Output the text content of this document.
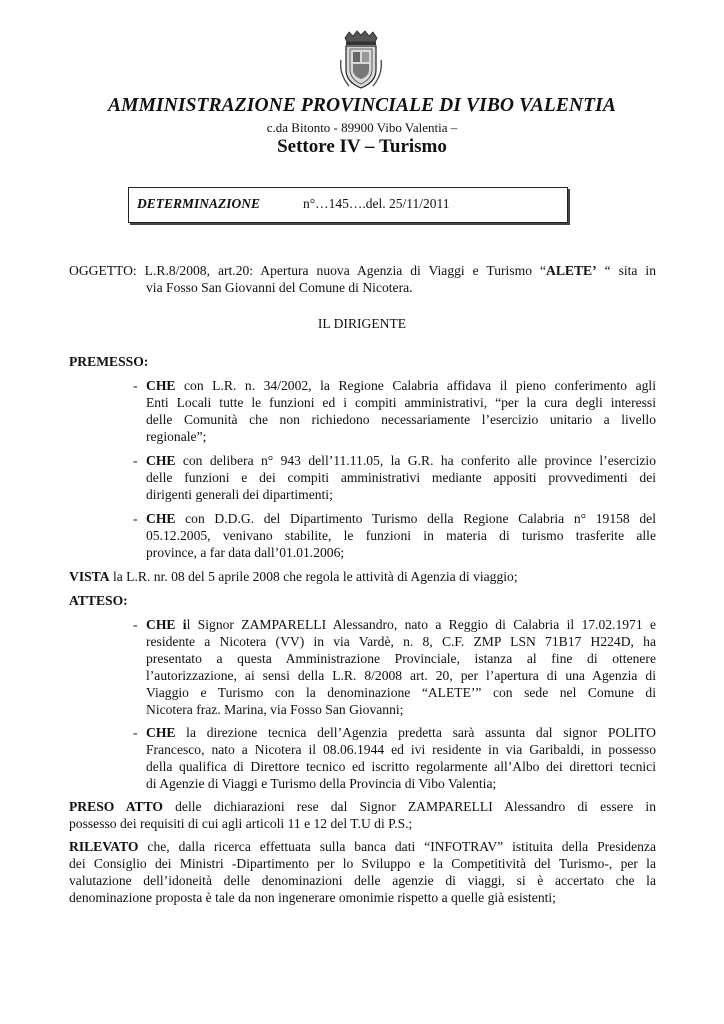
AMMINISTRAZIONE PROVINCIALE DI VIBO VALENTIA
c.da Bitonto - 89900 Vibo Valentia –
Settore IV – Turismo
DETERMINAZIONE	n°…145….del. 25/11/2011
OGGETTO: L.R.8/2008, art.20: Apertura nuova Agenzia di Viaggi e Turismo “ALETE’ “ sita in
via Fosso San Giovanni del Comune di Nicotera.
IL DIRIGENTE
PREMESSO:
- CHE con L.R. n. 34/2002, la Regione Calabria affidava il pieno conferimento agli
Enti Locali tutte le funzioni ed i compiti amministrativi, “per la cura degli interessi
delle Comunità che non richiedono necessariamente l’esercizio unitario a livello
regionale”;
- CHE con delibera n° 943 dell’11.11.05, la G.R. ha conferito alle province l’esercizio
delle funzioni e dei compiti amministrativi mediante appositi provvedimenti dei
dirigenti generali dei dipartimenti;
- CHE con D.D.G. del Dipartimento Turismo della Regione Calabria n° 19158 del
05.12.2005, venivano stabilite, le funzioni in materia di turismo trasferite alle
province, a far data dall’01.01.2006;
VISTA la L.R. nr. 08 del 5 aprile 2008 che regola le attività di Agenzia di viaggio;
ATTESO:
- CHE il Signor ZAMPARELLI Alessandro, nato a Reggio di Calabria il 17.02.1971 e
residente a Nicotera (VV) in via Vardè, n. 8, C.F. ZMP LSN 71B17 H224D, ha
presentato a questa Amministrazione Provinciale, istanza al fine di ottenere
l’autorizzazione, ai sensi della L.R. 8/2008 art. 20, per l’apertura di una Agenzia di
Viaggio e Turismo con la denominazione “ALETE’” con sede nel Comune di
Nicotera fraz. Marina, via Fosso San Giovanni;
- CHE la direzione tecnica dell’Agenzia predetta sarà assunta dal signor POLITO
Francesco, nato a Nicotera il 08.06.1944 ed ivi residente in via Garibaldi, in possesso
della qualifica di Direttore tecnico ed iscritto regolarmente all’Albo dei direttori tecnici
di Agenzie di Viaggi e Turismo della Provincia di Vibo Valentia;
PRESO ATTO delle dichiarazioni rese dal Signor ZAMPARELLI Alessandro di essere in
possesso dei requisiti di cui agli articoli 11 e 12 del T.U di P.S.;
RILEVATO che, dalla ricerca effettuata sulla banca dati “INFOTRAV” istituita della Presidenza
dei Consiglio dei Ministri -Dipartimento per lo Sviluppo e la Competitività del Turismo-, per la
valutazione dell’idoneità delle denominazioni delle agenzie di viaggi, si è accertato che la
denominazione proposta è tale da non ingenerare omonimie rispetto a quelle già esistenti;
